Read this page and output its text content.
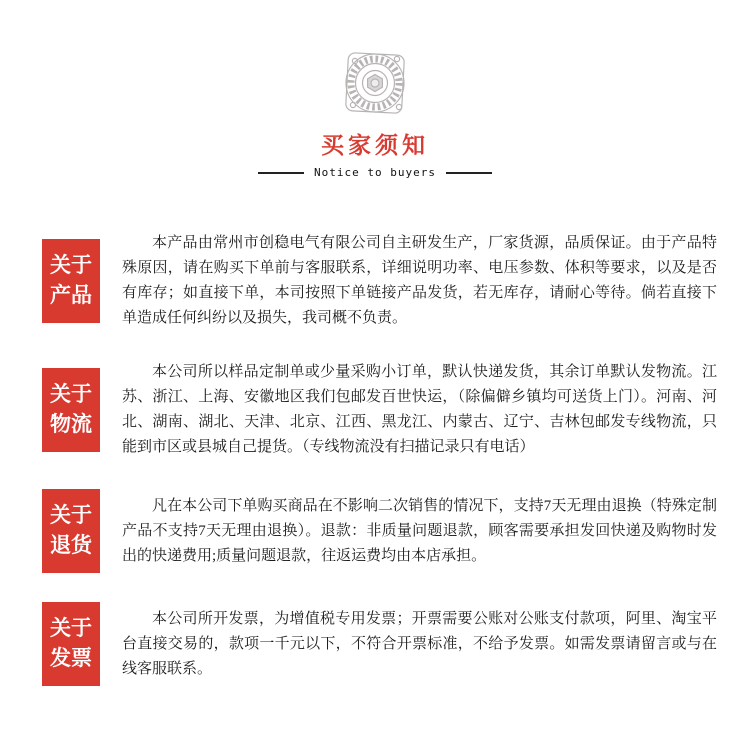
买家须知
Notice to buyers
关于
产品

本产品由常州市创稳电气有限公司自主研发生产，厂家货源，品质保证。由于产品特殊原因，请在购买下单前与客服联系，详细说明功率、电压参数、体积等要求，以及是否有库存；如直接下单，本司按照下单链接产品发货，若无库存，请耐心等待。倘若直接下单造成任何纠纷以及损失，我司概不负责。

关于
物流

本公司所以样品定制单或少量采购小订单，默认快递发货，其余订单默认发物流。江苏、浙江、上海、安徽地区我们包邮发百世快运，（除偏僻乡镇均可送货上门）。河南、河北、湖南、湖北、天津、北京、江西、黑龙江、内蒙古、辽宁、吉林包邮发专线物流，只能到市区或县城自己提货。（专线物流没有扫描记录只有电话）

关于
退货

凡在本公司下单购买商品在不影响二次销售的情况下，支持7天无理由退换（特殊定制产品不支持7天无理由退换）。退款：非质量问题退款，顾客需要承担发回快递及购物时发出的快递费用;质量问题退款，往返运费均由本店承担。

关于
发票

本公司所开发票，为增值税专用发票；开票需要公账对公账支付款项，阿里、淘宝平台直接交易的，款项一千元以下，不符合开票标准，不给予发票。如需发票请留言或与在线客服联系。
